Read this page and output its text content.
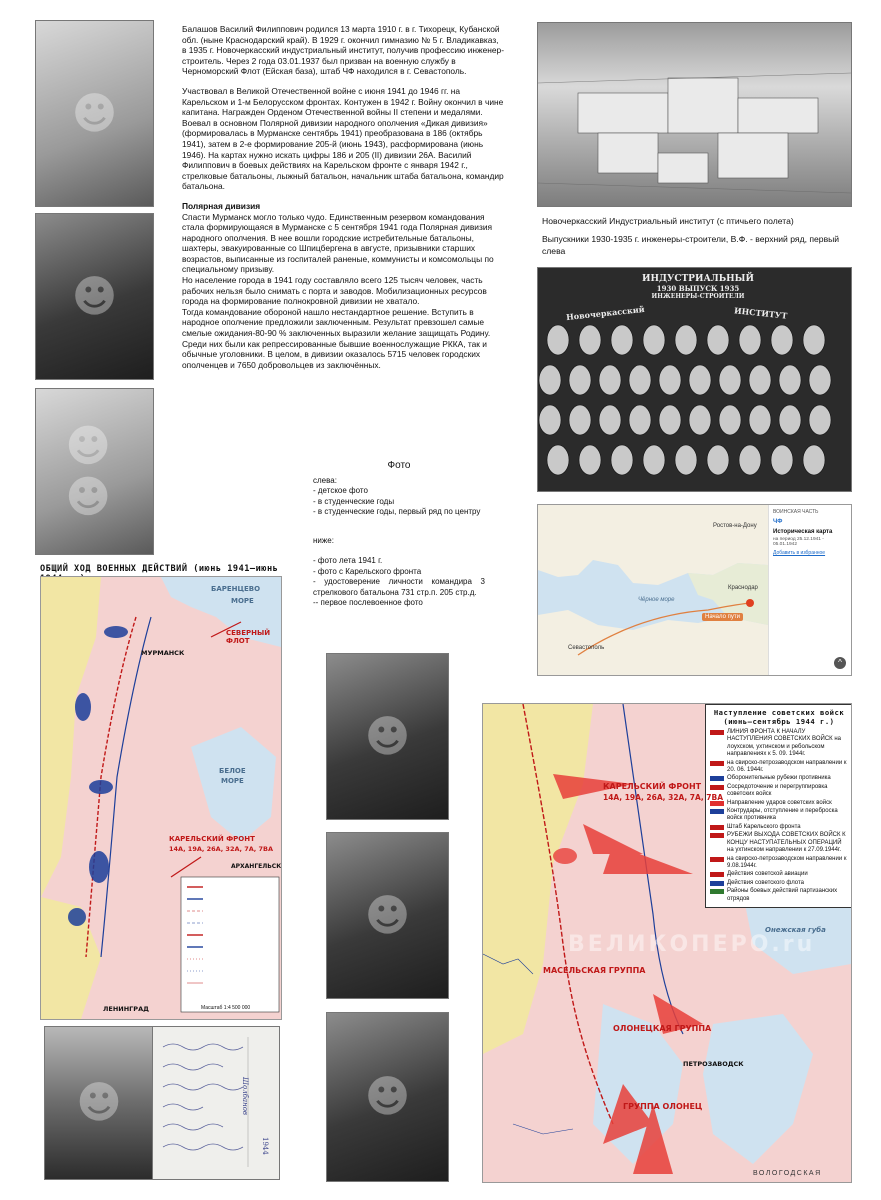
☻
☻
☻☻

Балашов Василий Филиппович родился 13 марта 1910 г. в г. Тихорецк, Кубанской обл. (ныне Краснодарский край). В 1929 г. окончил гимназию № 5 г. Владикавказ, в 1935 г. Новочеркасский индустриальный институт, получив профессию инженер-строитель. Через 2 года 03.01.1937 был призван на военную службу в Черноморский Флот (Ейская база), штаб ЧФ находился в г. Севастополь.

Участвовал в Великой Отечественной войне с июня 1941 до 1946 гг. на Карельском и 1-м Белорусском фронтах. Контужен в 1942 г. Войну окончил в чине капитана. Награжден Орденом Отечественной войны II степени и медалями. Воевал в основном Полярной дивизии народного ополчения «Дикая дивизия» (формировалась в Мурманске сентябрь 1941) преобразована в 186 (октябрь 1941), затем в 2-е формирование 205-й (июнь 1943), расформирована (июнь 1946). На картах нужно искать цифры 186 и 205 (II) дивизии 26А. Василий Филиппович в боевых действиях на Карельском фронте с января 1942 г., стрелковые батальоны, лыжный батальон, начальник штаба батальона, командир батальона.

Полярная дивизия

Спасти Мурманск могло только чудо. Единственным резервом командования стала формирующаяся в Мурманске с 5 сентября 1941 года Полярная дивизия народного ополчения. В нее вошли городские истребительные батальоны, шахтеры, эвакуированные со Шпицбергена в августе, призывники старших возрастов, выписанные из госпиталей раненые, коммунисты и комсомольцы по специальному призыву.

Но население города в 1941 году составляло всего 125 тысяч человек, часть рабочих нельзя было снимать с порта и заводов. Мобилизационных ресурсов города на формирование полнокровной дивизии не хватало.

Тогда командование обороной нашло нестандартное решение. Вступить в народное ополчение предложили заключенным. Результат превзошел самые смелые ожидания-80-90 % заключенных выразили желание защищать Родину. Среди них были как репрессированные бывшие военнослужащие РККА, так и обычные уголовники. В целом, в дивизии оказалось 5715 человек городских ополченцев и 7650 добровольцев из заключённых.

Новочеркасский Индустриальный институт (с птичьего полета)
Выпускники 1930-1935 г. инженеры-строители, В.Ф. - верхний ряд, первый слева
ИНДУСТРИАЛЬНЫЙ
1930 ВЫПУСК 1935
ИНЖЕНЕРЫ-СТРОИТЕЛИ
Новочеркасский	ИНСТИТУТ
Фото
слева:
- детское фото
- в студенческие годы
- в студенческие годы, первый ряд по центру
ниже:
- фото лета 1941 г.
- фото с Карельского фронта
- удостоверение личности командира 3 стрелкового батальона 731 стр.п. 205 стр.д.
-- первое послевоенное фото	Чёрное море
Севастополь
Краснодар
Ростов-на-Дону
Начало пути
ВОИНСКАЯ ЧАСТЬ
ЧФ
Историческая карта
на период 25.12.1941 - 05.01.1942
Добавить в избранное
^
ОБЩИЙ ХОД ВОЕННЫХ ДЕЙСТВИЙ (июнь 1941—июнь
БАРЕНЦЕВО
МОРЕ
СЕВЕРНЫЙ ФЛОТ
МУРМАНСК
БЕЛОЕ
МОРЕ
КАРЕЛЬСКИЙ ФРОНТ
14А, 19А, 26А, 32А, 7А, 7ВА
АРХАНГЕЛЬСК
ЛЕНИНГРАД	Масштаб 1:4 500 000
☻
☻
☻
☻	Шолбанов
1944
Наступление советских войск (июнь—сентябрь 1944 г.)
ЛИНИЯ ФРОНТА К НАЧАЛУ НАСТУПЛЕНИЯ СОВЕТСКИХ ВОЙСК на лоухском, ухтинском и ребольском направлениях к 5. 09. 1944г.
на свирско-петрозаводском направлении к 20. 06. 1944г.
Оборонительные рубежи противника
Сосредоточение и перегруппировка советских войск
Направление ударов советских войск
Контрудары, отступление и переброска войск противника
Штаб Карельского фронта
РУБЕЖИ ВЫХОДА СОВЕТСКИХ ВОЙСК К КОНЦУ НАСТУПАТЕЛЬНЫХ ОПЕРАЦИЙ на ухтинском направлении к 27.09.1944г.
на свирско-петрозаводском направлении к 9.08.1944г.
Действия советской авиации
Действия советского флота
Районы боевых действий партизанских отрядов
КАРЕЛЬСКИЙ ФРОНТ
14А, 19А, 26А, 32А, 7А, 7ВА
МАСЕЛЬСКАЯ ГРУППА
ОЛОНЕЦКАЯ ГРУППА
ГРУППА ОЛОНЕЦ
ПЕТРОЗАВОДСК
Онежская губа
ВЕЛИКОПЕРО.ru
ВОЛОГОДСКАЯ
